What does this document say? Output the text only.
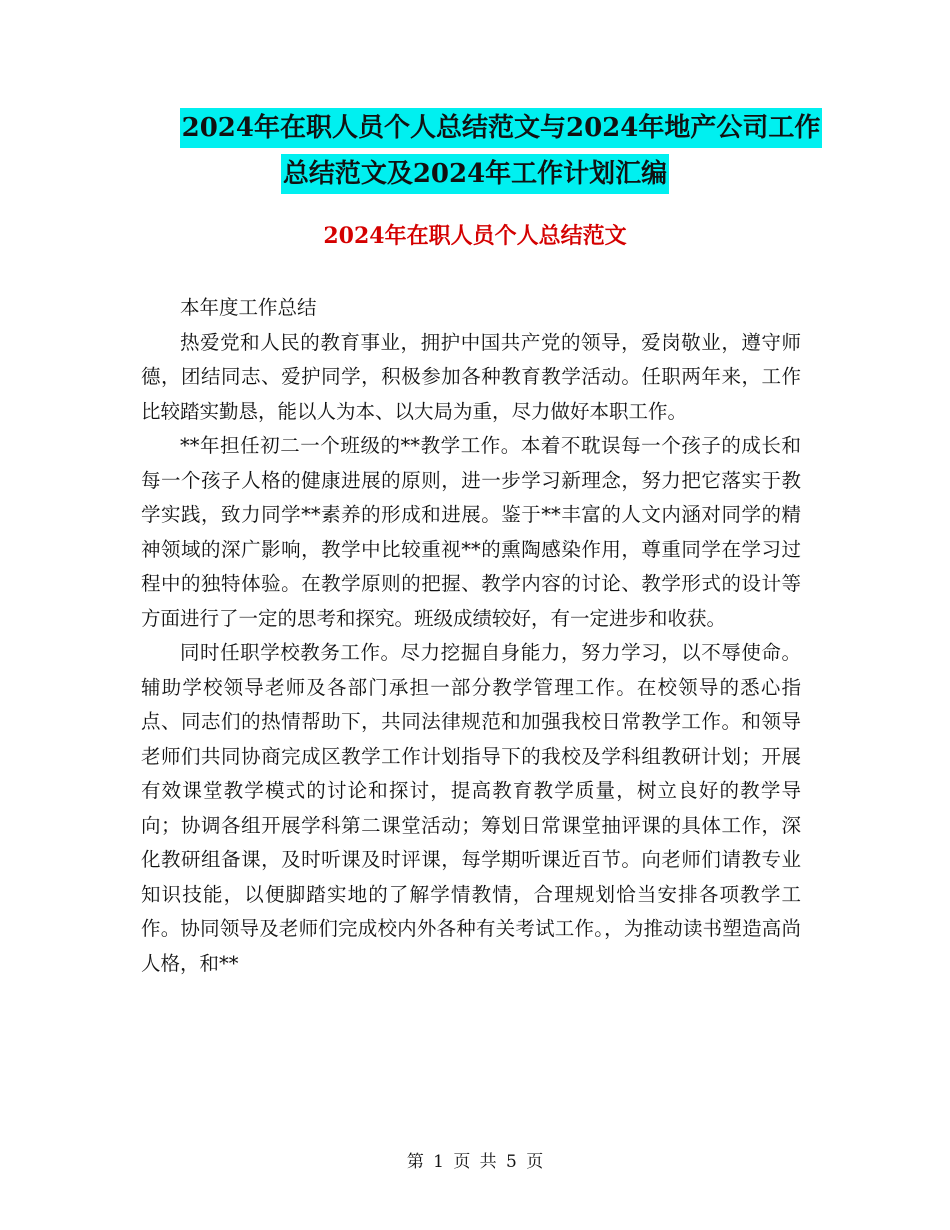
2024年在职人员个人总结范文与2024年地产公司工作
总结范文及2024年工作计划汇编
2024年在职人员个人总结范文

本年度工作总结

热爱党和人民的教育事业，拥护中国共产党的领导，爱岗敬业，遵守师德，团结同志、爱护同学，积极参加各种教育教学活动。任职两年来，工作比较踏实勤恳，能以人为本、以大局为重，尽力做好本职工作。

**年担任初二一个班级的**教学工作。本着不耽误每一个孩子的成长和每一个孩子人格的健康进展的原则，进一步学习新理念，努力把它落实于教学实践，致力同学**素养的形成和进展。鉴于**丰富的人文内涵对同学的精神领域的深广影响，教学中比较重视**的熏陶感染作用，尊重同学在学习过程中的独特体验。在教学原则的把握、教学内容的讨论、教学形式的设计等方面进行了一定的思考和探究。班级成绩较好，有一定进步和收获。

同时任职学校教务工作。尽力挖掘自身能力，努力学习，以不辱使命。辅助学校领导老师及各部门承担一部分教学管理工作。在校领导的悉心指点、同志们的热情帮助下，共同法律规范和加强我校日常教学工作。和领导老师们共同协商完成区教学工作计划指导下的我校及学科组教研计划；开展有效课堂教学模式的讨论和探讨，提高教育教学质量，树立良好的教学导向；协调各组开展学科第二课堂活动；筹划日常课堂抽评课的具体工作，深化教研组备课，及时听课及时评课，每学期听课近百节。向老师们请教专业知识技能，以便脚踏实地的了解学情教情，合理规划恰当安排各项教学工作。协同领导及老师们完成校内外各种有关考试工作。，为推动读书塑造高尚人格，和**

第 1 页 共 5 页
